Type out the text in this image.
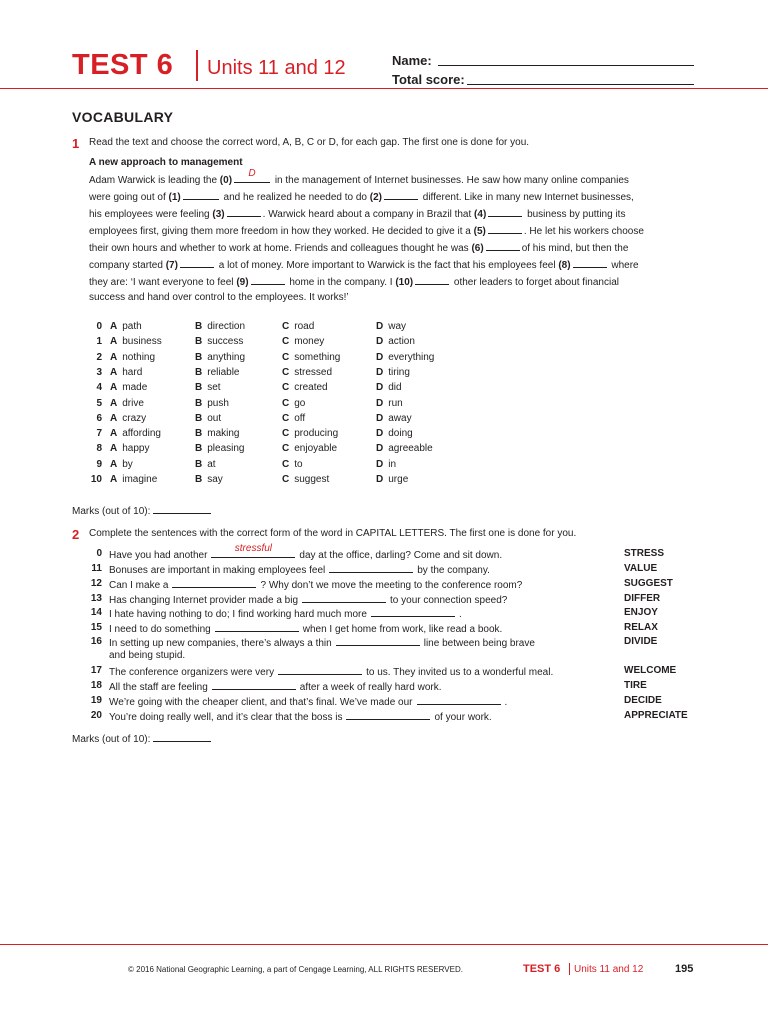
TEST 6 Units 11 and 12	Name:
Total score:
VOCABULARY
1 Read the text and choose the correct word, A, B, C or D, for each gap. The first one is done for you.
A new approach to management
Adam Warwick is leading the (0)
D
in the management of Internet businesses. He saw how many online companies
were going out of (1)	and he realized he needed to do (2)	different. Like in many new Internet businesses,
his employees were feeling (3)	. Warwick heard about a company in Brazil that (4)	business by putting its
employees first, giving them more freedom in how they worked. He decided to give it a (5)	. He let his workers choose
their own hours and whether to work at home. Friends and colleagues thought he was (6)	of his mind, but then the
company started (7)	a lot of money. More important to Warwick is the fact that his employees feel (8)	where
they are: ‘I want everyone to feel (9)	home in the company. I (10)	other leaders to forget about financial
success and hand over control to the employees. It works!’
0 A path	B direction	C road	D way
1 A business	B success	C money	D action
2 A nothing	B anything	C something	D everything
3 A hard	B reliable	C stressed	D tiring
4 A made	B set	C created	D did
5 A drive	B push	C go	D run
6 A crazy	B out	C off	D away
7 A affording	B making	C producing	D doing
8 A happy	B pleasing	C enjoyable	D agreeable
9 A by	B at	C to	D in
10 A imagine	B say	C suggest	D urge
Marks (out of 10):
2 Complete the sentences with the correct form of the word in CAPITAL LETTERS. The first one is done for you.
0 Have you had another
stressful
day at the office, darling? Come and sit down.	STRESS
11 Bonuses are important in making employees feel	by the company.	VALUE
12 Can I make a	? Why don’t we move the meeting to the conference room?	SUGGEST
13 Has changing Internet provider made a big	to your connection speed?	DIFFER
14 I hate having nothing to do; I find working hard much more	.	ENJOY
15 I need to do something	when I get home from work, like read a book.	RELAX
16 In setting up new companies, there’s always a thin	line between being brave
and being stupid.
DIVIDE
17 The conference organizers were very	to us. They invited us to a wonderful meal.	WELCOME
18 All the staff are feeling	after a week of really hard work.	TIRE
19 We’re going with the cheaper client, and that’s final. We’ve made our	.	DECIDE
20 You’re doing really well, and it’s clear that the boss is	of your work.	APPRECIATE
Marks (out of 10):
© 2016 National Geographic Learning, a part of Cengage Learning, ALL RIGHTS RESERVED.	TEST 6 Units 11 and 12	195
